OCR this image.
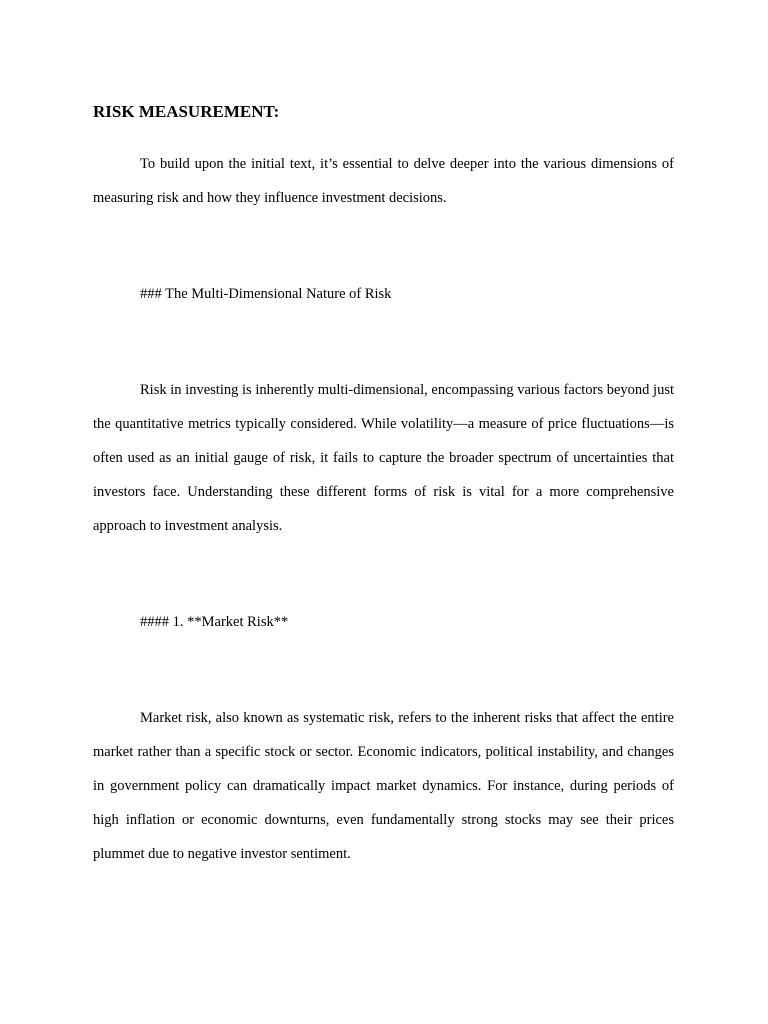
RISK MEASUREMENT:

To build upon the initial text, it’s essential to delve deeper into the various dimensions of measuring risk and how they influence investment decisions.

### The Multi-Dimensional Nature of Risk

Risk in investing is inherently multi-dimensional, encompassing various factors beyond just the quantitative metrics typically considered. While volatility—a measure of price fluctuations—is often used as an initial gauge of risk, it fails to capture the broader spectrum of uncertainties that investors face. Understanding these different forms of risk is vital for a more comprehensive approach to investment analysis.

#### 1. **Market Risk**

Market risk, also known as systematic risk, refers to the inherent risks that affect the entire market rather than a specific stock or sector. Economic indicators, political instability, and changes in government policy can dramatically impact market dynamics. For instance, during periods of high inflation or economic downturns, even fundamentally strong stocks may see their prices plummet due to negative investor sentiment.
